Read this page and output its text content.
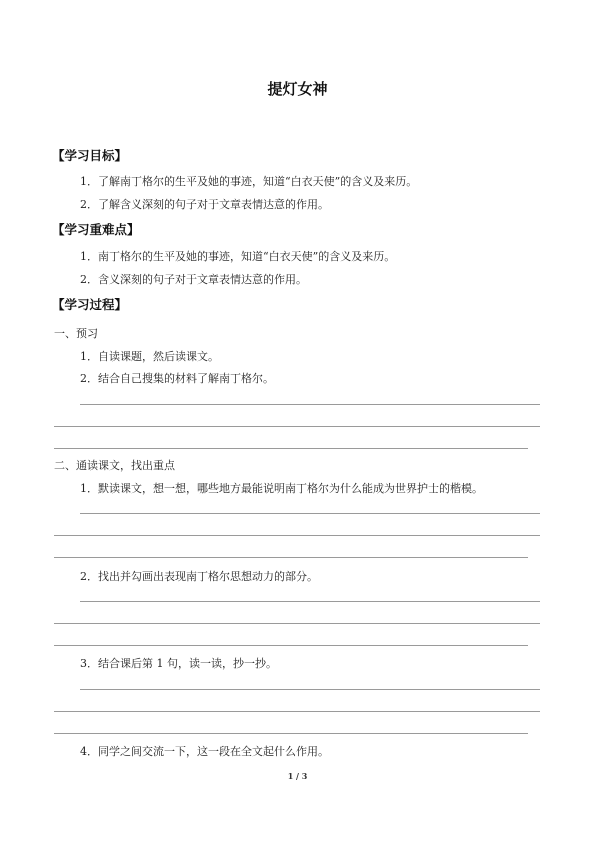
提灯女神
【学习目标】
1．了解南丁格尔的生平及她的事迹，知道“白衣天使”的含义及来历。
2．了解含义深刻的句子对于文章表情达意的作用。
【学习重难点】
1．南丁格尔的生平及她的事迹，知道“白衣天使”的含义及来历。
2．含义深刻的句子对于文章表情达意的作用。
【学习过程】
一、预习
1．自读课题，然后读课文。
2．结合自己搜集的材料了解南丁格尔。
二、通读课文，找出重点
1．默读课文，想一想，哪些地方最能说明南丁格尔为什么能成为世界护士的楷模。
2．找出并勾画出表现南丁格尔思想动力的部分。
3．结合课后第 1 句，读一读，抄一抄。
4．同学之间交流一下，这一段在全文起什么作用。
1 / 3
